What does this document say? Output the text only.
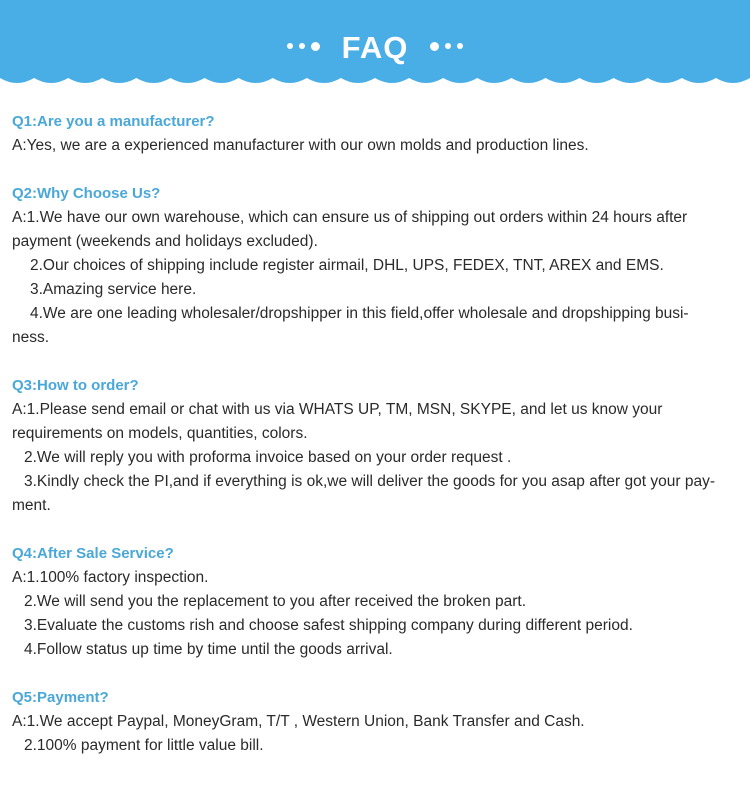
FAQ
Q1:Are you a manufacturer?
A:Yes, we are a experienced manufacturer with our own molds and production lines.
Q2:Why Choose Us?
A:1.We have our own warehouse, which can ensure us of shipping out orders within 24 hours after
payment (weekends and holidays excluded).
2.Our choices of shipping include register airmail, DHL, UPS, FEDEX, TNT, AREX and EMS.
3.Amazing service here.
4.We are one leading wholesaler/dropshipper in this field,offer wholesale and dropshipping busi-
ness.
Q3:How to order?
A:1.Please send email or chat with us via WHATS UP, TM, MSN, SKYPE, and let us know your
requirements on models, quantities, colors.
2.We will reply you with proforma invoice based on your order request .
3.Kindly check the PI,and if everything is ok,we will deliver the goods for you asap after got your pay-
ment.
Q4:After Sale Service?
A:1.100% factory inspection.
2.We will send you the replacement to you after received the broken part.
3.Evaluate the customs rish and choose safest shipping company during different period.
4.Follow status up time by time until the goods arrival.
Q5:Payment?
A:1.We accept Paypal, MoneyGram, T/T , Western Union, Bank Transfer and Cash.
2.100% payment for little value bill.
